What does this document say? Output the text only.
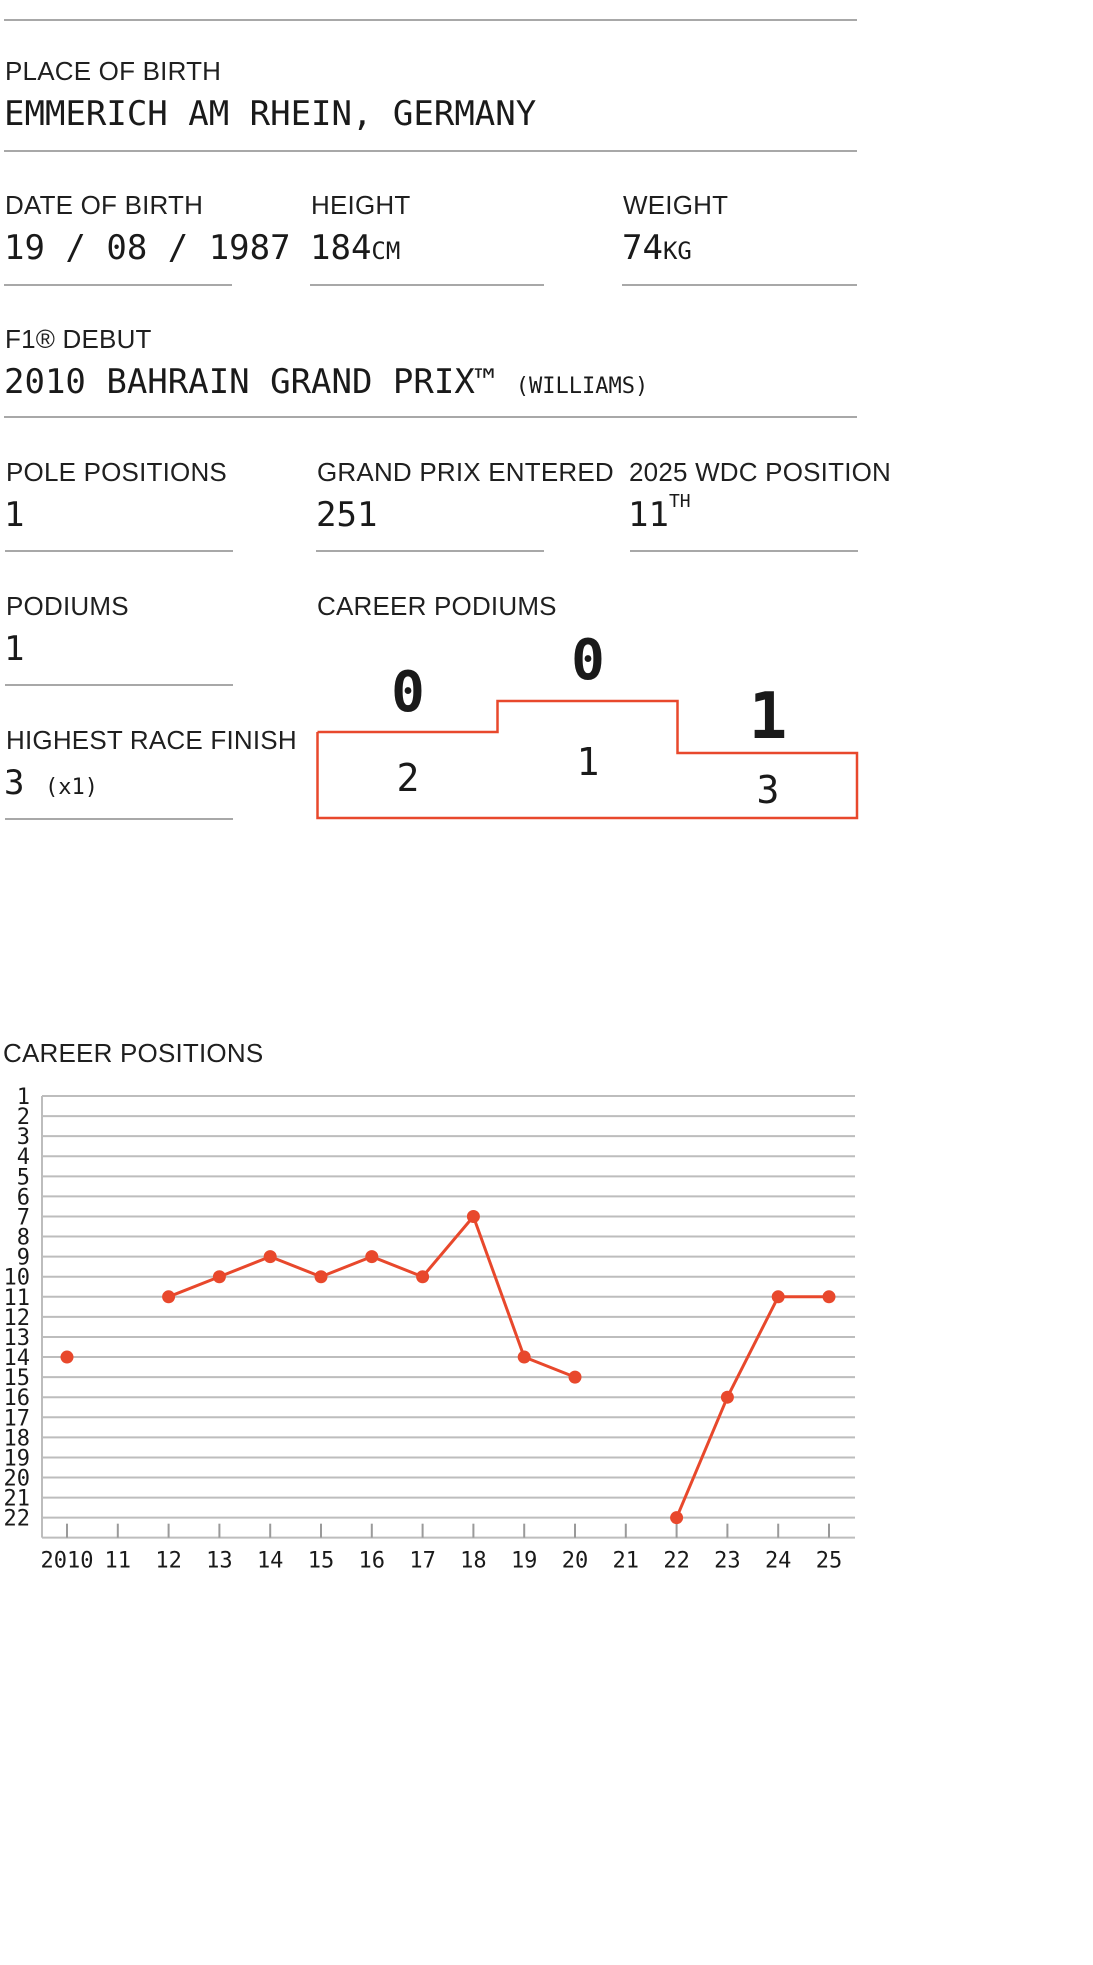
PLACE OF BIRTH
EMMERICH AM RHEIN, GERMANY
DATE OF BIRTH
19 / 08 / 1987
HEIGHT
184CM
WEIGHT
74KG
F1® DEBUT
2010 BAHRAIN GRAND PRIX™ (WILLIAMS)
POLE POSITIONS
1
GRAND PRIX ENTERED
251
2025 WDC POSITION
11TH
PODIUMS
1
HIGHEST RACE FINISH
3 (x1)
CAREER PODIUMS
0	0
1
2	1
3
CAREER POSITIONS
1
2
3
4
5
6
7
8
9
10
11
12
13
14
15
16
17
18
19
20
21
22
2010 11 12 13 14 15 16 17 18 19 20 21 22 23 24 25
